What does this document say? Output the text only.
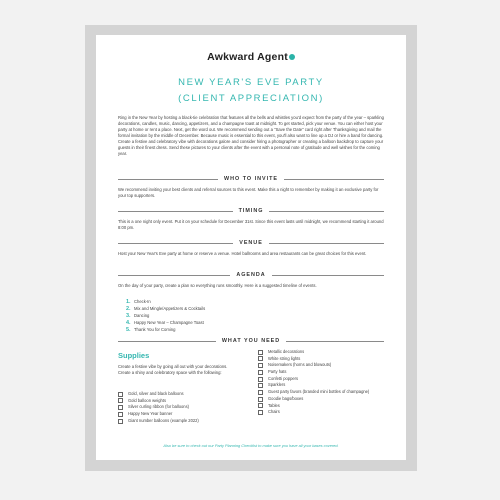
Awkward Agent
NEW YEAR'S EVE PARTY
(CLIENT APPRECIATION)
Ring in the New Year by hosting a black-tie celebration that features all the bells and whistles you'd expect from the party of the year – sparkling decorations, candles, music, dancing, appetizers, and a champagne toast at midnight. To get started, pick your venue. You can either host your party at home or rent a place. Next, get the word out. We recommend sending out a "Save the Date" card right after Thanksgiving and mail the formal invitation by the middle of December. Because music is essential to this event, you'll also want to line up a DJ or hire a band for dancing. Create a festive and celebratory vibe with decorations galore and consider hiring a photographer or creating a balloon backdrop to capture your guests in their finest dress. Send these pictures to your clients after the event with a personal note of gratitude and well wishes for the coming year.
WHO TO INVITE
We recommend inviting your best clients and referral sources to this event. Make this a night to remember by making it an exclusive party for your top supporters.
TIMING
This is a one night only event. Put it on your schedule for December 31st. Since this event lasts until midnight, we recommend starting it around 8:00 pm.
VENUE
Host your New Year's Eve party at home or reserve a venue. Hotel ballrooms and area restaurants can be great choices for this event.
AGENDA
On the day of your party, create a plan so everything runs smoothly. Here is a suggested timeline of events.
1. Check-In
2. Mix and Mingle/Appetizers & Cocktails
3. Dancing
4. Happy New Year – Champagne Toast
5. Thank You for Coming
WHAT YOU NEED
Supplies
Create a festive vibe by going all out with your decorations. Create a shiny and celebratory space with the following:
Gold, silver and black balloons
Gold balloon weights
Silver curling ribbon (for balloons)
Happy New Year banner
Giant number balloons (example 2022)
Metallic decorations
White string lights
Noisemakers (horns and blowouts)
Party hats
Confetti poppers
Sparklers
Guest party favors (branded mini bottles of champagne)
Goodie bags/boxes
Tables
Chairs
Also be sure to check out our Party Planning Checklist to make sure you have all your bases covered.
